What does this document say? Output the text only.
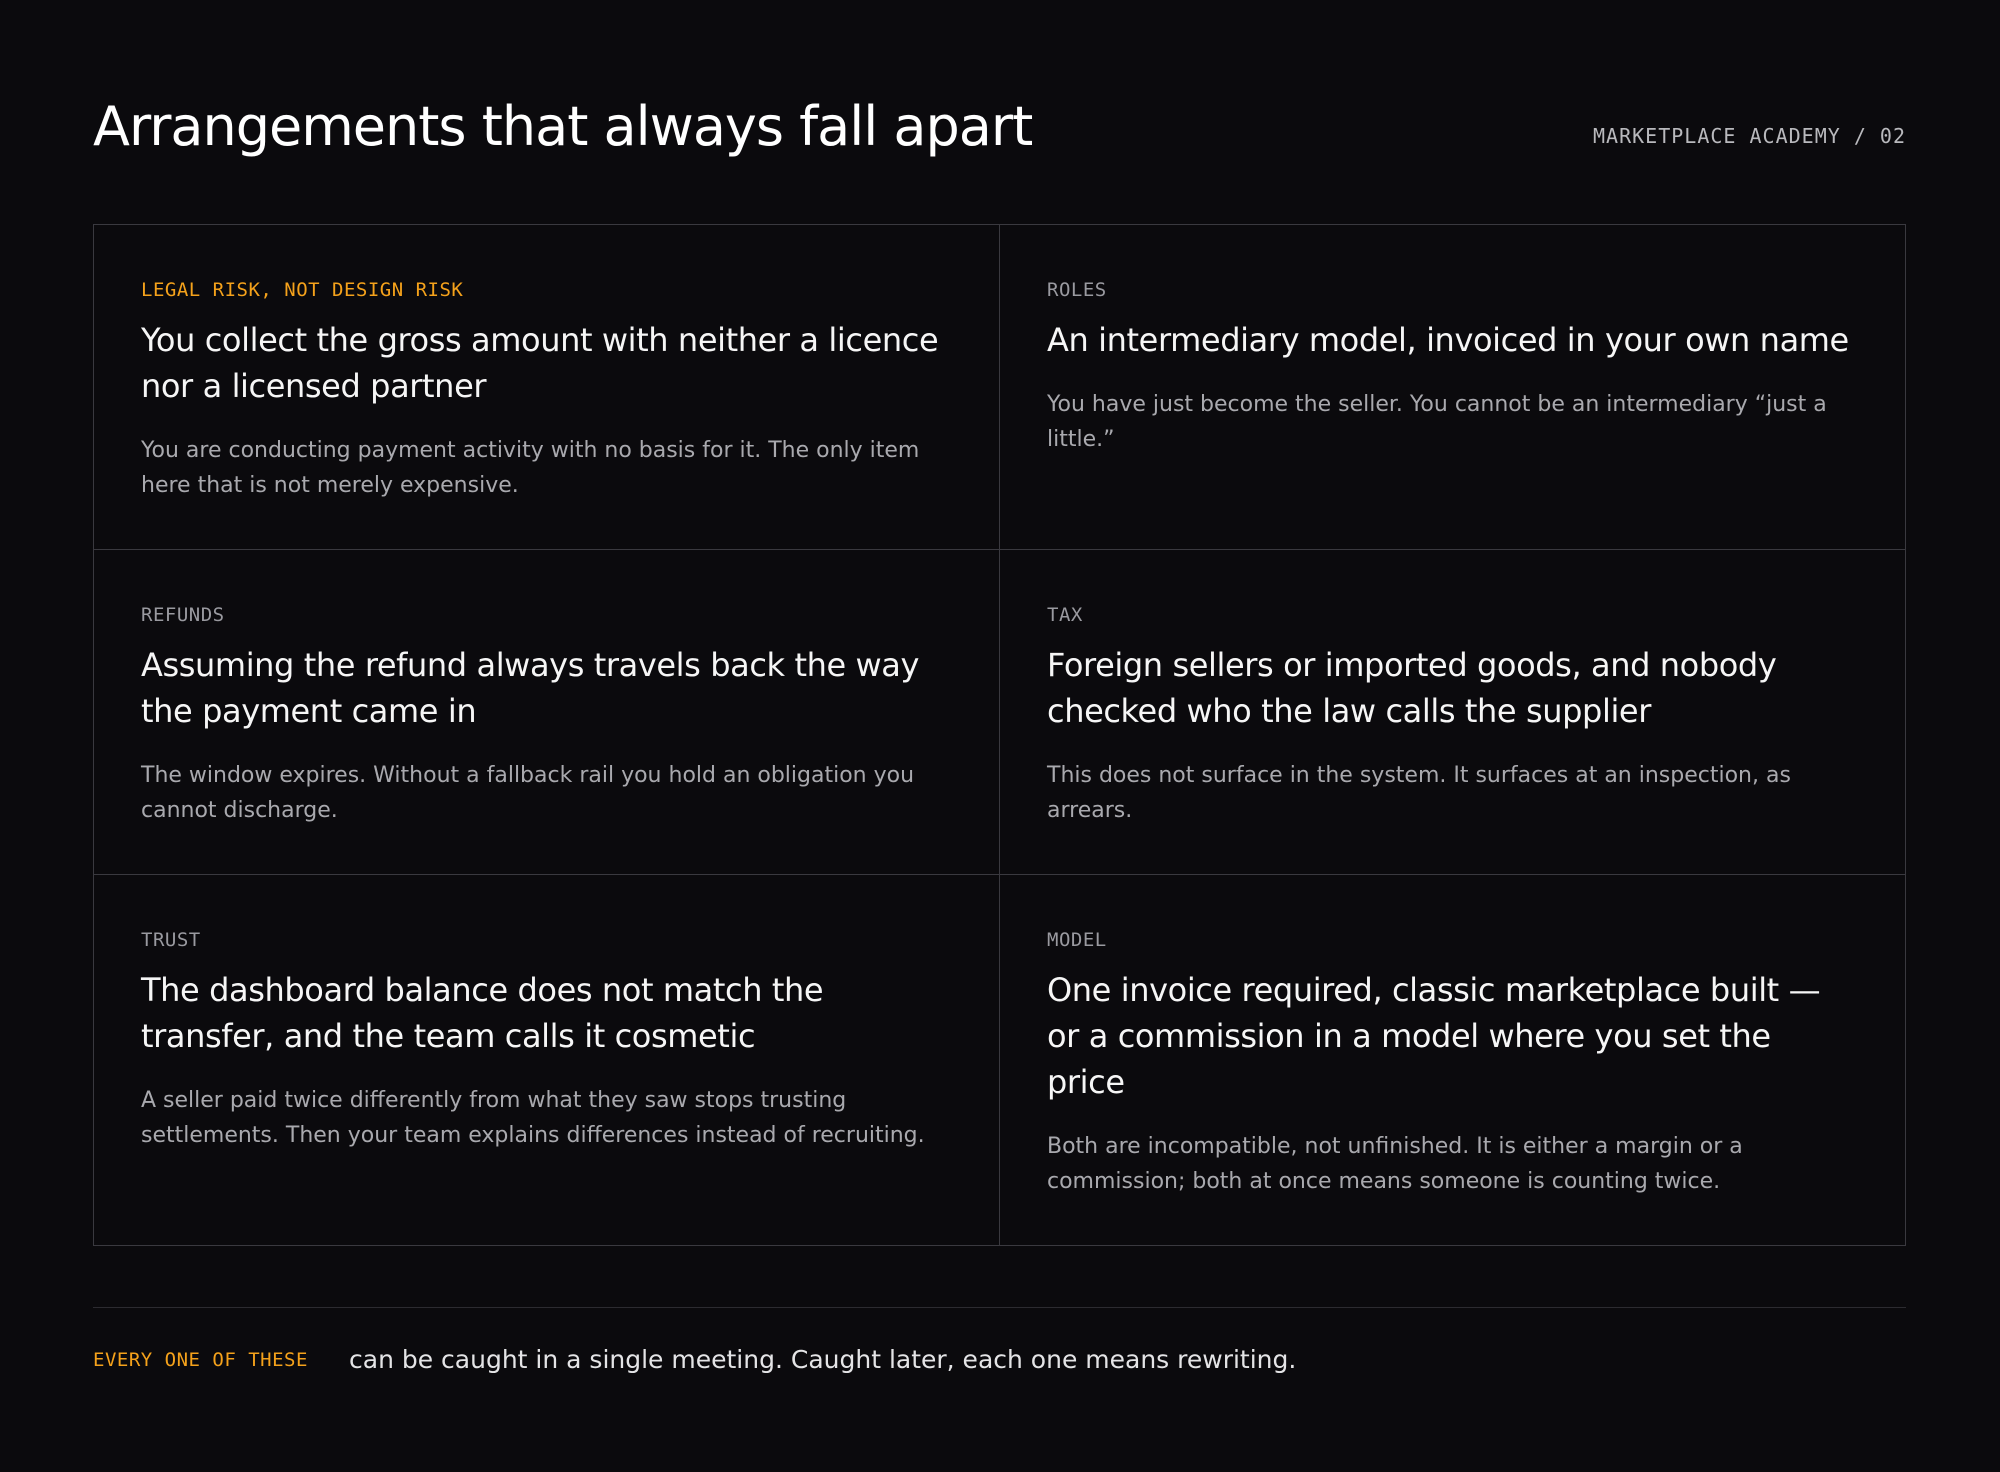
Arrangements that always fall apart	MARKETPLACE ACADEMY / 02
LEGAL RISK, NOT DESIGN RISK
You collect the gross amount with neither a licence nor a licensed partner
You are conducting payment activity with no basis for it. The only item here that is not merely expensive.
ROLES
An intermediary model, invoiced in your own name
You have just become the seller. You cannot be an intermediary “just a little.”
REFUNDS
Assuming the refund always travels back the way the payment came in
The window expires. Without a fallback rail you hold an obligation you cannot discharge.
TAX
Foreign sellers or imported goods, and nobody checked who the law calls the supplier
This does not surface in the system. It surfaces at an inspection, as arrears.
TRUST
The dashboard balance does not match the transfer, and the team calls it cosmetic
A seller paid twice differently from what they saw stops trusting settlements. Then your team explains differences instead of recruiting.
MODEL
One invoice required, classic marketplace built — or a commission in a model where you set the price
Both are incompatible, not unfinished. It is either a margin or a commission; both at once means someone is counting twice.
EVERY ONE OF THESE can be caught in a single meeting. Caught later, each one means rewriting.
